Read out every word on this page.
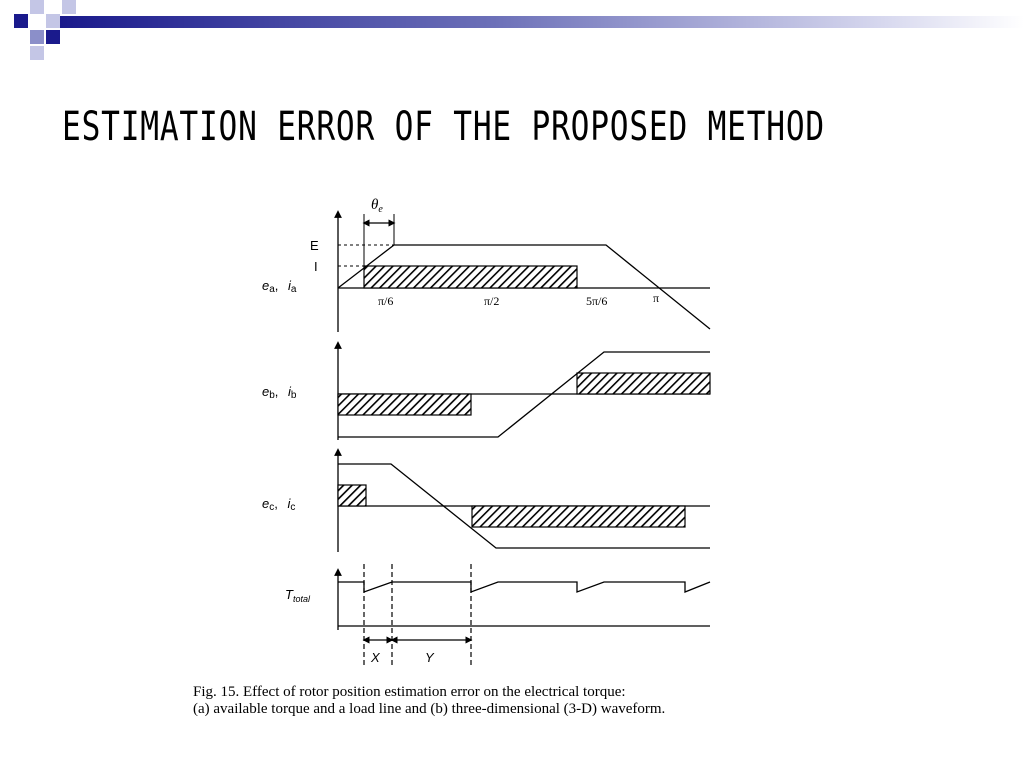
ESTIMATION ERROR OF THE PROPOSED METHOD
$\theta_e$
E
I
ea, ia
π/6	π/2	5π/6	π
eb, ib
ec, ic
X	Y
$T_{total}$
Fig. 15. Effect of rotor position estimation error on the electrical torque:
(a) available torque and a load line and (b) three-dimensional (3-D) waveform.
